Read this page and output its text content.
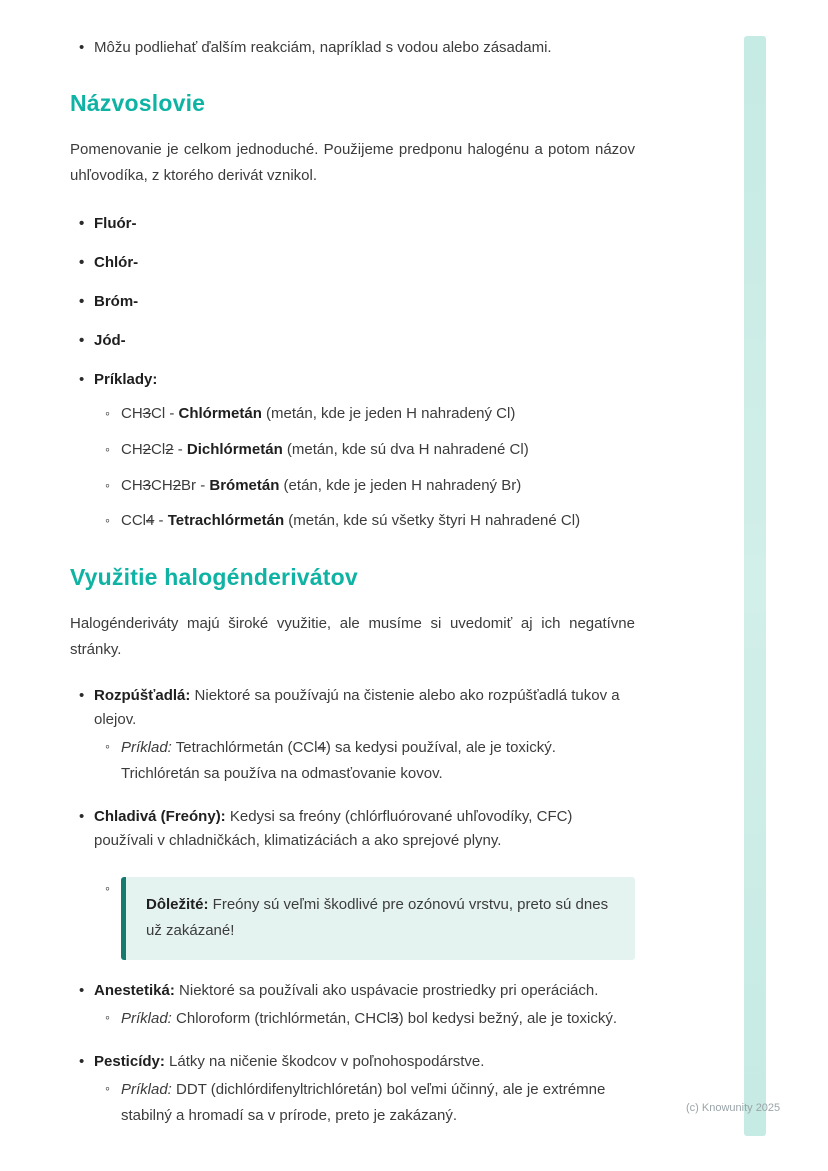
• Môžu podliehať ďalším reakciám, napríklad s vodou alebo zásadami.
Názvoslovie

Pomenovanie je celkom jednoduché. Použijeme predponu halogénu a potom názov uhľovodíka, z ktorého derivát vznikol.

• Fluór-
• Chlór-
• Bróm-
• Jód-
• Príklady:
◦ CH3Cl - Chlórmetán (metán, kde je jeden H nahradený Cl)
◦ CH2Cl2 - Dichlórmetán (metán, kde sú dva H nahradené Cl)
◦ CH3CH2Br - Brómetán (etán, kde je jeden H nahradený Br)
◦ CCl4 - Tetrachlórmetán (metán, kde sú všetky štyri H nahradené Cl)
Využitie halogénderivátov

Halogénderiváty majú široké využitie, ale musíme si uvedomiť aj ich negatívne stránky.

• Rozpúšťadlá: Niektoré sa používajú na čistenie alebo ako rozpúšťadlá tukov a olejov.
◦ Príklad: Tetrachlórmetán (CCl4) sa kedysi používal, ale je toxický. Trichlóretán sa používa na odmasťovanie kovov.
• Chladivá (Freóny): Kedysi sa freóny (chlórfluórované uhľovodíky, CFC) používali v chladničkách, klimatizáciách a ako sprejové plyny.
◦ Dôležité: Freóny sú veľmi škodlivé pre ozónovú vrstvu, preto sú dnes už zakázané!
• Anestetiká: Niektoré sa používali ako uspávacie prostriedky pri operáciách.
◦ Príklad: Chloroform (trichlórmetán, CHCl3) bol kedysi bežný, ale je toxický.
• Pesticídy: Látky na ničenie škodcov v poľnohospodárstve.
◦ Príklad: DDT (dichlórdifenyltrichlóretán) bol veľmi účinný, ale je extrémne stabilný a hromadí sa v prírode, preto je zakázaný.	(c) Knowunity 2025
